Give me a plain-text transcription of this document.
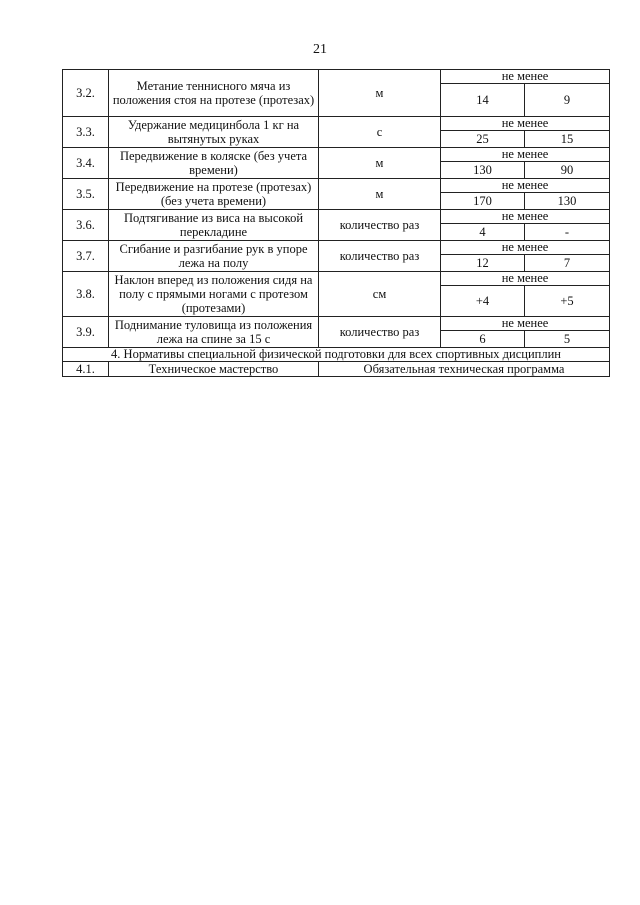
21
3.2.	Метание теннисного мяча из положения стоя на протезе (протезах)	м	не менее	
			14	9
3.3.	Удержание медицинбола 1 кг на вытянутых руках	с	не менее	
			25	15
3.4.	Передвижение в коляске (без учета времени)	м	не менее	
			130	90
3.5.	Передвижение на протезе (протезах) (без учета времени)	м	не менее	
			170	130
3.6.	Подтягивание из виса на высокой перекладине	количество раз	не менее	
			4	-
3.7.	Сгибание и разгибание рук в упоре лежа на полу	количество раз	не менее	
			12	7
3.8.	Наклон вперед из положения сидя на полу с прямыми ногами с протезом (протезами)	см	не менее	
			+4	+5
3.9.	Поднимание туловища из положения лежа на спине за 15 с	количество раз	не менее	
			6	5
4. Нормативы специальной физической подготовки для всех спортивных дисциплин				
4.1.	Техническое мастерство	Обязательная техническая программа		
